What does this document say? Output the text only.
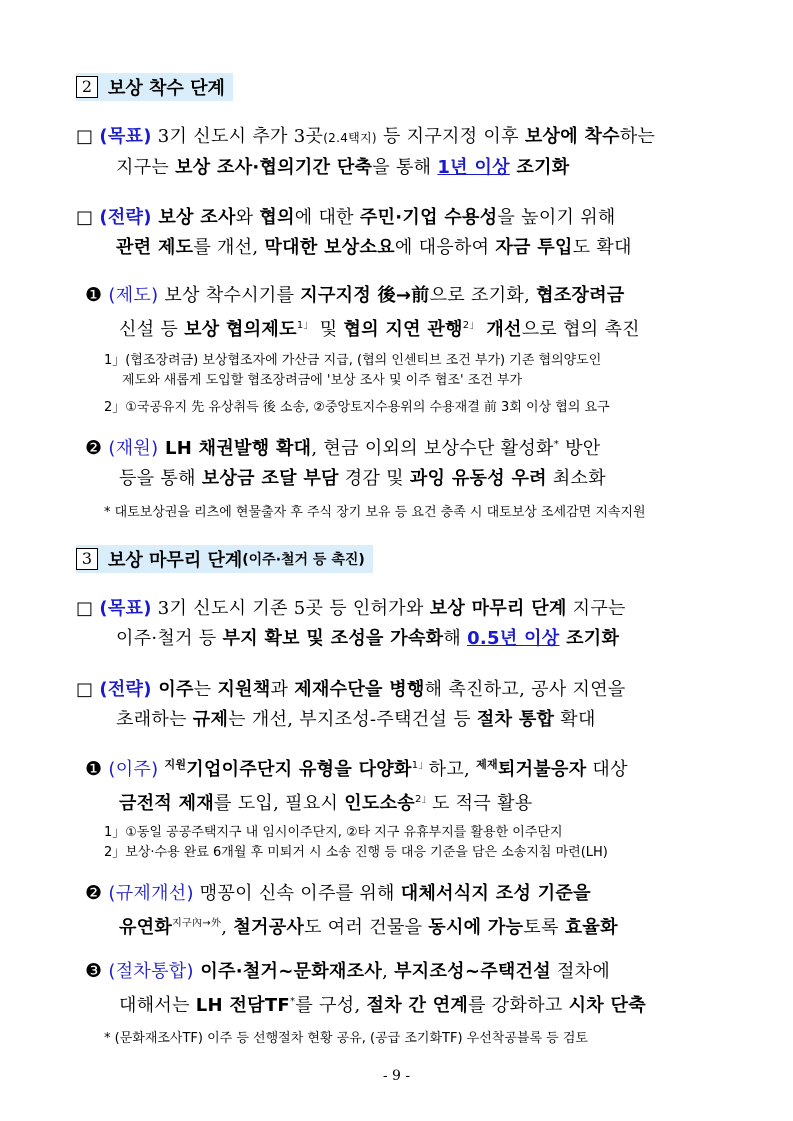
2 보상 착수 단계
□ (목표) 3기 신도시 추가 3곳(2.4택지) 등 지구지정 이후 보상에 착수하는
지구는 보상 조사·협의기간 단축을 통해 1년 이상 조기화
□ (전략) 보상 조사와 협의에 대한 주민·기업 수용성을 높이기 위해
관련 제도를 개선, 막대한 보상소요에 대응하여 자금 투입도 확대
❶ (제도) 보상 착수시기를 지구지정 後→前으로 조기화, 협조장려금
신설 등 보상 협의제도$^{1」}$ 및 협의 지연 관행$^{2」}$ 개선으로 협의 촉진
1」(협조장려금) 보상협조자에 가산금 지급, (협의 인센티브 조건 부가) 기존 협의양도인
제도와 새롭게 도입할 협조장려금에 '보상 조사 및 이주 협조' 조건 부가
2」①국공유지 先 유상취득 後 소송, ②중앙토지수용위의 수용재결 前 3회 이상 협의 요구
❷ (재원) LH 채권발행 확대, 현금 이외의 보상수단 활성화* 방안
등을 통해 보상금 조달 부담 경감 및 과잉 유동성 우려 최소화
* 대토보상권을 리츠에 현물출자 후 주식 장기 보유 등 요건 충족 시 대토보상 조세감면 지속지원
3 보상 마무리 단계 (이주·철거 등 촉진)
□ (목표) 3기 신도시 기존 5곳 등 인허가와 보상 마무리 단계 지구는
이주·철거 등 부지 확보 및 조성을 가속화해 0.5년 이상 조기화
□ (전략) 이주는 지원책과 제재수단을 병행해 촉진하고, 공사 지연을
초래하는 규제는 개선, 부지조성-주택건설 등 절차 통합 확대
❶ (이주) $^{지원}$기업이주단지 유형을 다양화$^{1」}$하고, $^{제재}$퇴거불응자 대상
금전적 제재를 도입, 필요시 인도소송$^{2」}$도 적극 활용
1」①동일 공공주택지구 내 임시이주단지, ②타 지구 유휴부지를 활용한 이주단지
2」보상·수용 완료 6개월 후 미퇴거 시 소송 진행 등 대응 기준을 담은 소송지침 마련(LH)
❷ (규제개선) 맹꽁이 신속 이주를 위해 대체서식지 조성 기준을
유연화$^{지구內\to 外}$, 철거공사도 여러 건물을 동시에 가능토록 효율화
❸ (절차통합) 이주·철거∼문화재조사, 부지조성∼주택건설 절차에
대해서는 LH 전담TF*를 구성, 절차 간 연계를 강화하고 시차 단축
* (문화재조사TF) 이주 등 선행절차 현황 공유, (공급 조기화TF) 우선착공블록 등 검토
- 9 -
